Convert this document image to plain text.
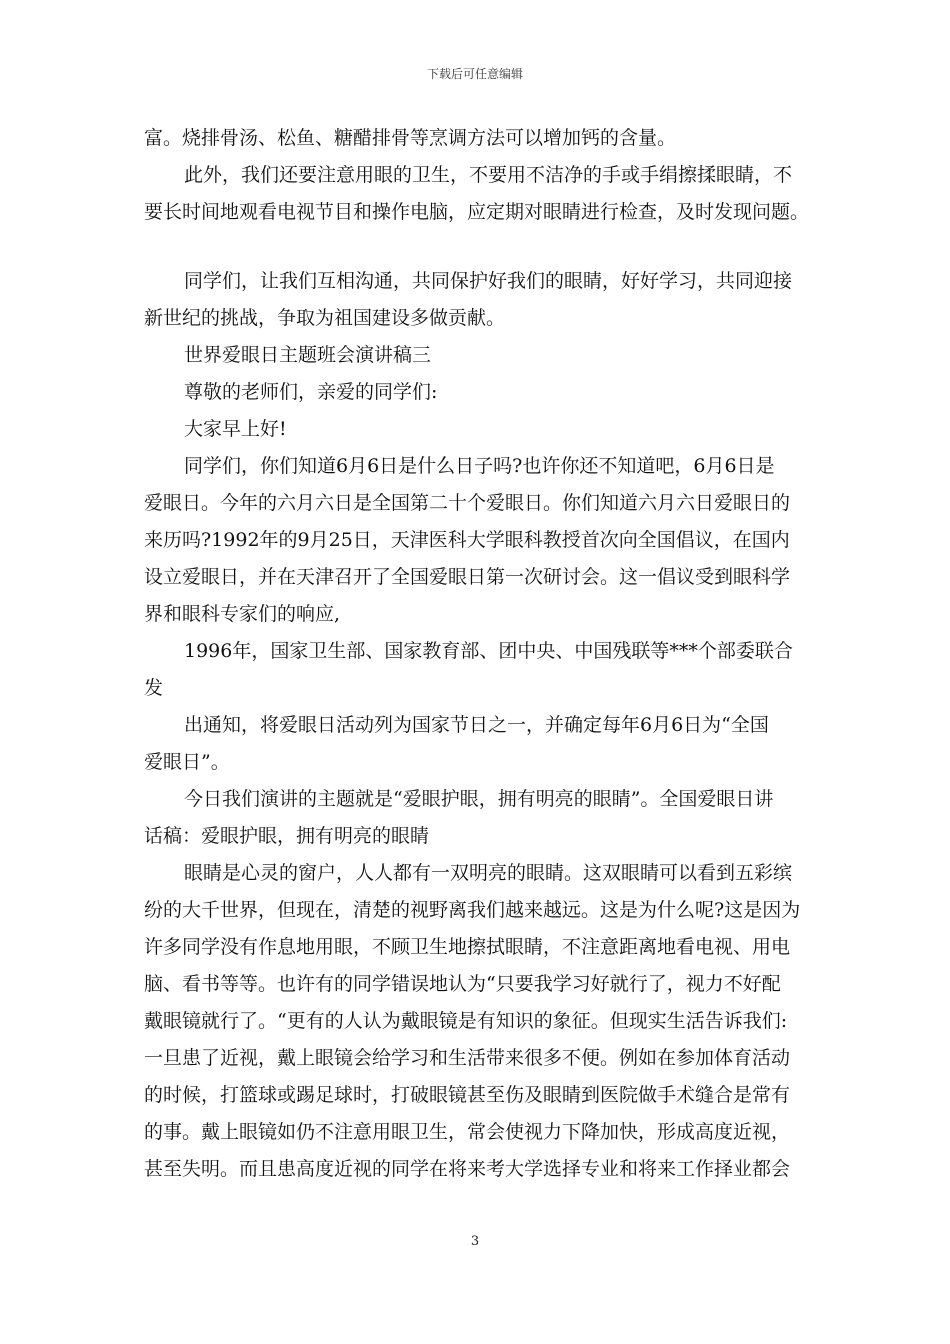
下载后可任意编辑
富。烧排骨汤、松鱼、糖醋排骨等烹调方法可以增加钙的含量。
此外，我们还要注意用眼的卫生，不要用不洁净的手或手绢擦揉眼睛，不
要长时间地观看电视节目和操作电脑，应定期对眼睛进行检查，及时发现问题。
同学们，让我们互相沟通，共同保护好我们的眼睛，好好学习，共同迎接
新世纪的挑战，争取为祖国建设多做贡献。
世界爱眼日主题班会演讲稿三
尊敬的老师们，亲爱的同学们:
大家早上好!
同学们，你们知道6月6日是什么日子吗?也许你还不知道吧，6月6日是
爱眼日。今年的六月六日是全国第二十个爱眼日。你们知道六月六日爱眼日的
来历吗?1992年的9月25日，天津医科大学眼科教授首次向全国倡议，在国内
设立爱眼日，并在天津召开了全国爱眼日第一次研讨会。这一倡议受到眼科学
界和眼科专家们的响应,
1996年，国家卫生部、国家教育部、团中央、中国残联等***个部委联合
发
出通知，将爱眼日活动列为国家节日之一，并确定每年6月6日为“全国
爱眼日”。
今日我们演讲的主题就是“爱眼护眼，拥有明亮的眼睛”。全国爱眼日讲
话稿：爱眼护眼，拥有明亮的眼睛
眼睛是心灵的窗户，人人都有一双明亮的眼睛。这双眼睛可以看到五彩缤
纷的大千世界，但现在，清楚的视野离我们越来越远。这是为什么呢?这是因为
许多同学没有作息地用眼，不顾卫生地擦拭眼睛，不注意距离地看电视、用电
脑、看书等等。也许有的同学错误地认为“只要我学习好就行了，视力不好配
戴眼镜就行了。“更有的人认为戴眼镜是有知识的象征。但现实生活告诉我们:
一旦患了近视，戴上眼镜会给学习和生活带来很多不便。例如在参加体育活动
的时候，打篮球或踢足球时，打破眼镜甚至伤及眼睛到医院做手术缝合是常有
的事。戴上眼镜如仍不注意用眼卫生，常会使视力下降加快，形成高度近视，
甚至失明。而且患高度近视的同学在将来考大学选择专业和将来工作择业都会
3
